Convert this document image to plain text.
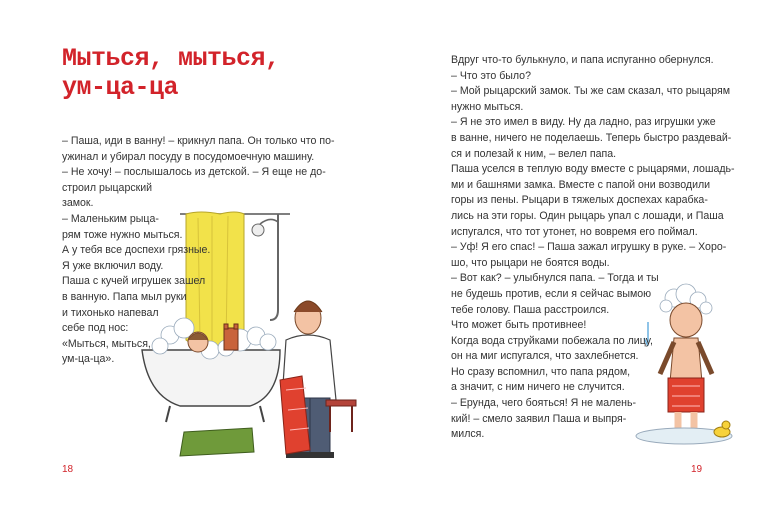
Мыться, мыться,
ум-ца-ца
– Паша, иди в ванну! – крикнул папа. Он только что по-
ужинал и убирал посуду в посудомоечную машину.
– Не хочу! – послышалось из детской. – Я еще не до-
строил рыцарский
замок.
– Маленьким рыца-
рям тоже нужно мыться.
А у тебя все доспехи грязные.
Я уже включил воду.
Паша с кучей игрушек зашел
в ванную. Папа мыл руки
и тихонько напевал
себе под нос:
«Мыться, мыться,
ум-ца-ца».
Вдруг что-то булькнуло, и папа испуганно обернулся.
– Что это было?
– Мой рыцарский замок. Ты же сам сказал, что рыцарям
нужно мыться.
– Я не это имел в виду. Ну да ладно, раз игрушки уже
в ванне, ничего не поделаешь. Теперь быстро раздевай-
ся и полезай к ним, – велел папа.
Паша уселся в теплую воду вместе с рыцарями, лошадь-
ми и башнями замка. Вместе с папой они возводили
горы из пены. Рыцари в тяжелых доспехах карабка-
лись на эти горы. Один рыцарь упал с лошади, и Паша
испугался, что тот утонет, но вовремя его поймал.
– Уф! Я его спас! – Паша зажал игрушку в руке. – Хоро-
шо, что рыцари не боятся воды.
– Вот как? – улыбнулся папа. – Тогда и ты
не будешь против, если я сейчас вымою
тебе голову. Паша расстроился.
Что может быть противнее!
Когда вода струйками побежала по лицу,
он на миг испугался, что захлебнется.
Но сразу вспомнил, что папа рядом,
а значит, с ним ничего не случится.
– Ерунда, чего бояться! Я не малень-
кий! – смело заявил Паша и выпря-
мился.
18	19
